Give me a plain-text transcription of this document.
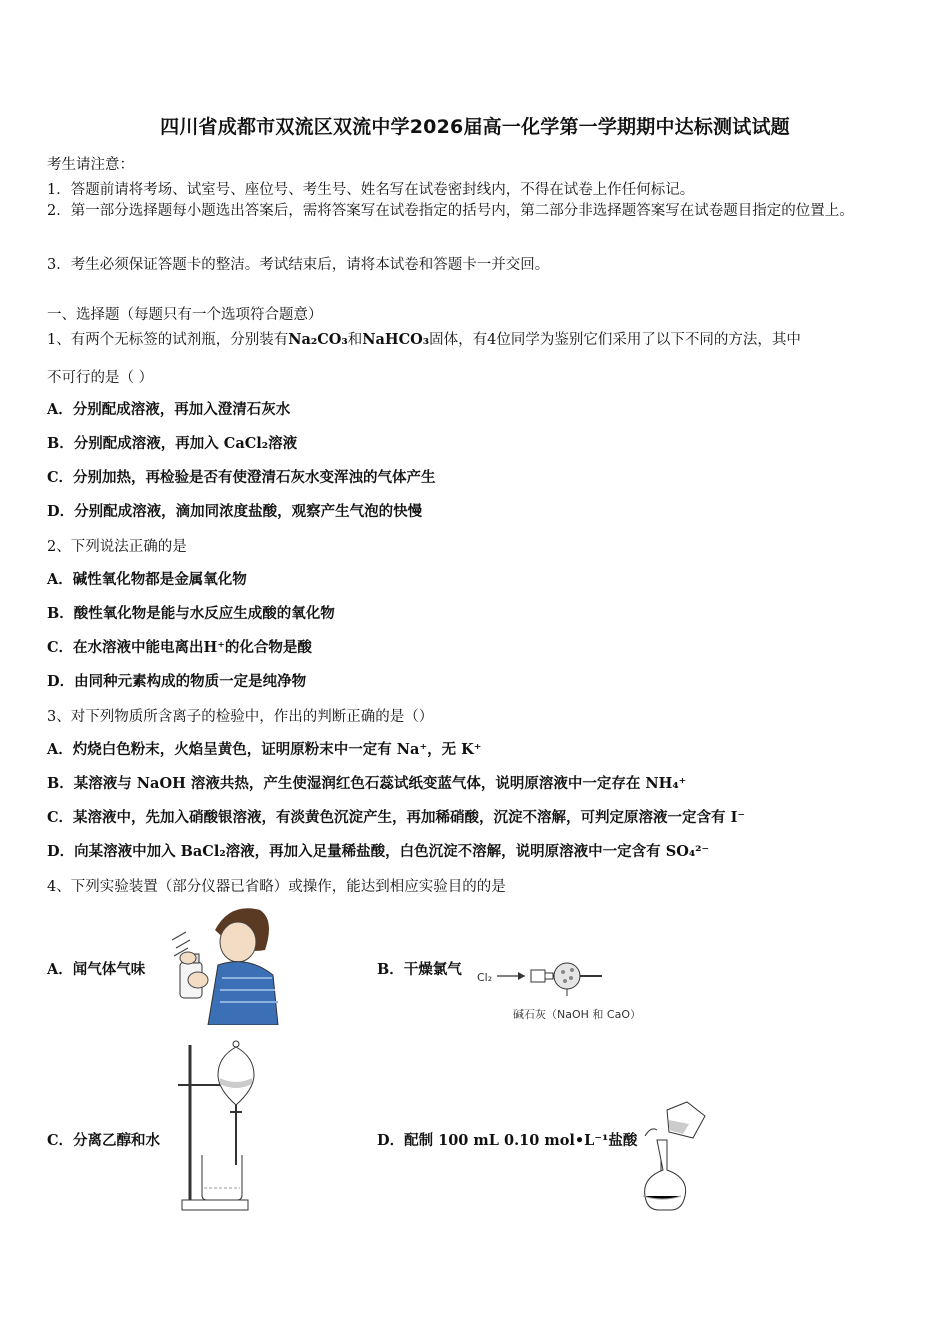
四川省成都市双流区双流中学2026届高一化学第一学期期中达标测试试题
考生请注意：
1．答题前请将考场、试室号、座位号、考生号、姓名写在试卷密封线内，不得在试卷上作任何标记。
2．第一部分选择题每小题选出答案后，需将答案写在试卷指定的括号内，第二部分非选择题答案写在试卷题目指定的位置上。
3．考生必须保证答题卡的整洁。考试结束后，请将本试卷和答题卡一并交回。
一、选择题（每题只有一个选项符合题意）
1、有两个无标签的试剂瓶，分别装有Na₂CO₃和NaHCO₃固体，有4位同学为鉴别它们采用了以下不同的方法，其中
不可行的是（ ）
A．分别配成溶液，再加入澄清石灰水
B．分别配成溶液，再加入 CaCl₂溶液
C．分别加热，再检验是否有使澄清石灰水变浑浊的气体产生
D．分别配成溶液，滴加同浓度盐酸，观察产生气泡的快慢
2、下列说法正确的是
A．碱性氧化物都是金属氧化物
B．酸性氧化物是能与水反应生成酸的氧化物
C．在水溶液中能电离出H⁺的化合物是酸
D．由同种元素构成的物质一定是纯净物
3、对下列物质所含离子的检验中，作出的判断正确的是（）
A．灼烧白色粉末，火焰呈黄色，证明原粉末中一定有 Na⁺，无 K⁺
B．某溶液与 NaOH 溶液共热，产生使湿润红色石蕊试纸变蓝气体，说明原溶液中一定存在 NH₄⁺
C．某溶液中，先加入硝酸银溶液，有淡黄色沉淀产生，再加稀硝酸，沉淀不溶解，可判定原溶液一定含有 I⁻
D．向某溶液中加入 BaCl₂溶液，再加入足量稀盐酸，白色沉淀不溶解，说明原溶液中一定含有 SO₄²⁻
4、下列实验装置（部分仪器已省略）或操作，能达到相应实验目的的是
A．闻气体气味	B．干燥氯气
C．分离乙醇和水	D．配制 100 mL 0.10 mol•L⁻¹盐酸
Cl₂
碱石灰（NaOH 和 CaO）
